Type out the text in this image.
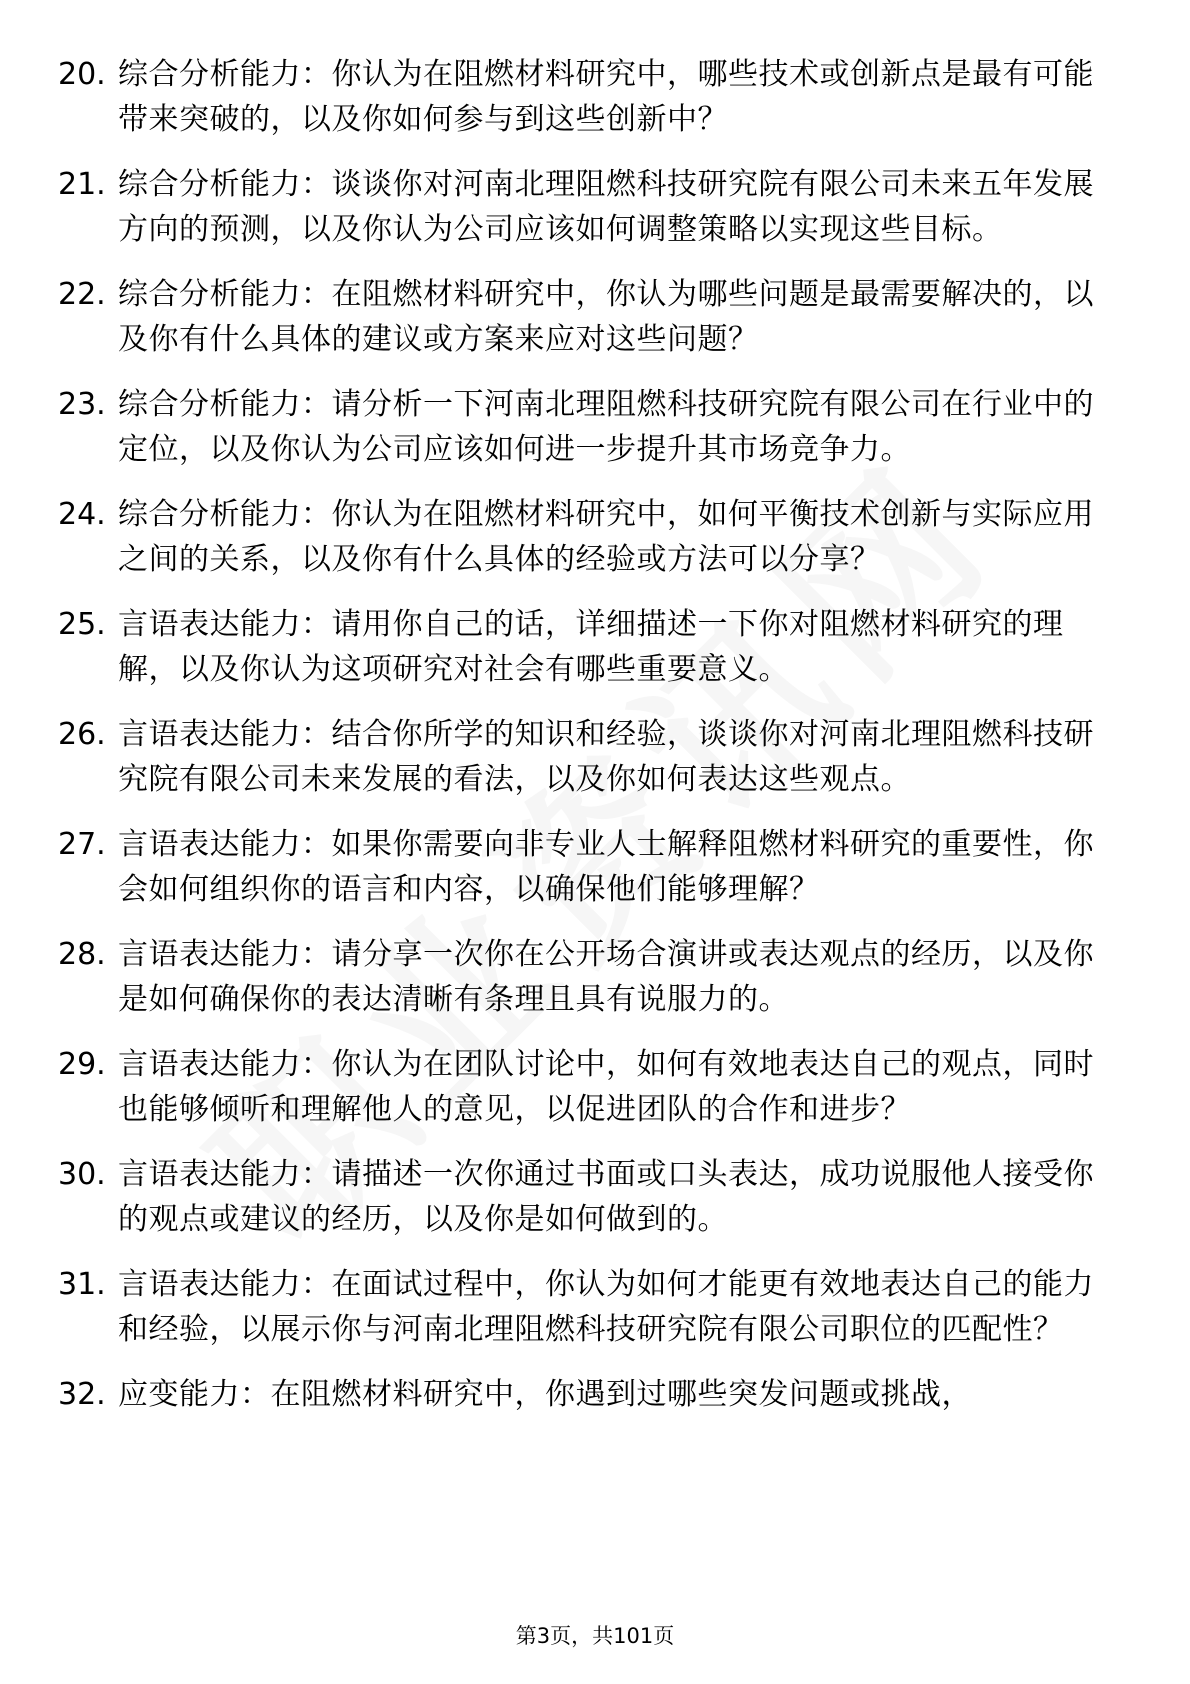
20. 综合分析能力：你认为在阻燃材料研究中，哪些技术或创新点是最有可能带来突破的，以及你如何参与到这些创新中？
21. 综合分析能力：谈谈你对河南北理阻燃科技研究院有限公司未来五年发展方向的预测，以及你认为公司应该如何调整策略以实现这些目标。
22. 综合分析能力：在阻燃材料研究中，你认为哪些问题是最需要解决的，以及你有什么具体的建议或方案来应对这些问题？
23. 综合分析能力：请分析一下河南北理阻燃科技研究院有限公司在行业中的定位，以及你认为公司应该如何进一步提升其市场竞争力。
24. 综合分析能力：你认为在阻燃材料研究中，如何平衡技术创新与实际应用之间的关系，以及你有什么具体的经验或方法可以分享？
25. 言语表达能力：请用你自己的话，详细描述一下你对阻燃材料研究的理解，以及你认为这项研究对社会有哪些重要意义。
26. 言语表达能力：结合你所学的知识和经验，谈谈你对河南北理阻燃科技研究院有限公司未来发展的看法，以及你如何表达这些观点。
27. 言语表达能力：如果你需要向非专业人士解释阻燃材料研究的重要性，你会如何组织你的语言和内容，以确保他们能够理解？
28. 言语表达能力：请分享一次你在公开场合演讲或表达观点的经历，以及你是如何确保你的表达清晰有条理且具有说服力的。
29. 言语表达能力：你认为在团队讨论中，如何有效地表达自己的观点，同时也能够倾听和理解他人的意见，以促进团队的合作和进步？
30. 言语表达能力：请描述一次你通过书面或口头表达，成功说服他人接受你的观点或建议的经历，以及你是如何做到的。
31. 言语表达能力：在面试过程中，你认为如何才能更有效地表达自己的能力和经验，以展示你与河南北理阻燃科技研究院有限公司职位的匹配性？
32. 应变能力：在阻燃材料研究中，你遇到过哪些突发问题或挑战，
第3页，共101页
